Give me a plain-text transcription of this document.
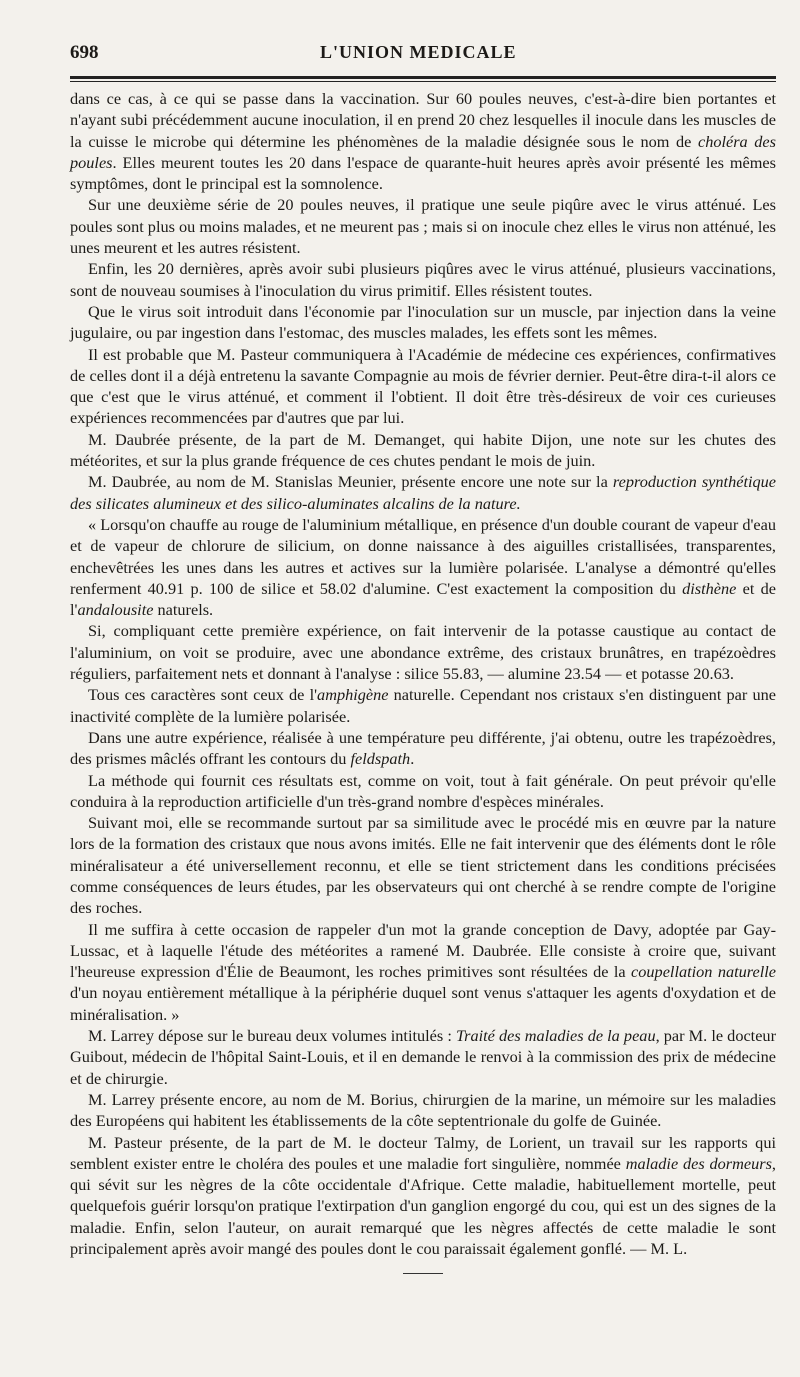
698	L'UNION MEDICALE

dans ce cas, à ce qui se passe dans la vaccination. Sur 60 poules neuves, c'est-à-dire bien portantes et n'ayant subi précédemment aucune inoculation, il en prend 20 chez lesquelles il inocule dans les muscles de la cuisse le microbe qui détermine les phénomènes de la maladie désignée sous le nom de choléra des poules. Elles meurent toutes les 20 dans l'espace de quarante-huit heures après avoir présenté les mêmes symptômes, dont le principal est la somnolence.

Sur une deuxième série de 20 poules neuves, il pratique une seule piqûre avec le virus atténué. Les poules sont plus ou moins malades, et ne meurent pas ; mais si on inocule chez elles le virus non atténué, les unes meurent et les autres résistent.

Enfin, les 20 dernières, après avoir subi plusieurs piqûres avec le virus atténué, plusieurs vaccinations, sont de nouveau soumises à l'inoculation du virus primitif. Elles résistent toutes.

Que le virus soit introduit dans l'économie par l'inoculation sur un muscle, par injection dans la veine jugulaire, ou par ingestion dans l'estomac, des muscles malades, les effets sont les mêmes.

Il est probable que M. Pasteur communiquera à l'Académie de médecine ces expériences, confirmatives de celles dont il a déjà entretenu la savante Compagnie au mois de février dernier. Peut-être dira-t-il alors ce que c'est que le virus atténué, et comment il l'obtient. Il doit être très-désireux de voir ces curieuses expériences recommencées par d'autres que par lui.

M. Daubrée présente, de la part de M. Demanget, qui habite Dijon, une note sur les chutes des météorites, et sur la plus grande fréquence de ces chutes pendant le mois de juin.

M. Daubrée, au nom de M. Stanislas Meunier, présente encore une note sur la reproduction synthétique des silicates alumineux et des silico-aluminates alcalins de la nature.

« Lorsqu'on chauffe au rouge de l'aluminium métallique, en présence d'un double courant de vapeur d'eau et de vapeur de chlorure de silicium, on donne naissance à des aiguilles cristallisées, transparentes, enchevêtrées les unes dans les autres et actives sur la lumière polarisée. L'analyse a démontré qu'elles renferment 40.91 p. 100 de silice et 58.02 d'alumine. C'est exactement la composition du disthène et de l'andalousite naturels.

Si, compliquant cette première expérience, on fait intervenir de la potasse caustique au contact de l'aluminium, on voit se produire, avec une abondance extrême, des cristaux brunâtres, en trapézoèdres réguliers, parfaitement nets et donnant à l'analyse : silice 55.83, — alumine 23.54 — et potasse 20.63.

Tous ces caractères sont ceux de l'amphigène naturelle. Cependant nos cristaux s'en distinguent par une inactivité complète de la lumière polarisée.

Dans une autre expérience, réalisée à une température peu différente, j'ai obtenu, outre les trapézoèdres, des prismes mâclés offrant les contours du feldspath.

La méthode qui fournit ces résultats est, comme on voit, tout à fait générale. On peut prévoir qu'elle conduira à la reproduction artificielle d'un très-grand nombre d'espèces minérales.

Suivant moi, elle se recommande surtout par sa similitude avec le procédé mis en œuvre par la nature lors de la formation des cristaux que nous avons imités. Elle ne fait intervenir que des éléments dont le rôle minéralisateur a été universellement reconnu, et elle se tient strictement dans les conditions précisées comme conséquences de leurs études, par les observateurs qui ont cherché à se rendre compte de l'origine des roches.

Il me suffira à cette occasion de rappeler d'un mot la grande conception de Davy, adoptée par Gay-Lussac, et à laquelle l'étude des météorites a ramené M. Daubrée. Elle consiste à croire que, suivant l'heureuse expression d'Élie de Beaumont, les roches primitives sont résultées de la coupellation naturelle d'un noyau entièrement métallique à la périphérie duquel sont venus s'attaquer les agents d'oxydation et de minéralisation. »

M. Larrey dépose sur le bureau deux volumes intitulés : Traité des maladies de la peau, par M. le docteur Guibout, médecin de l'hôpital Saint-Louis, et il en demande le renvoi à la commission des prix de médecine et de chirurgie.

M. Larrey présente encore, au nom de M. Borius, chirurgien de la marine, un mémoire sur les maladies des Européens qui habitent les établissements de la côte septentrionale du golfe de Guinée.

M. Pasteur présente, de la part de M. le docteur Talmy, de Lorient, un travail sur les rapports qui semblent exister entre le choléra des poules et une maladie fort singulière, nommée maladie des dormeurs, qui sévit sur les nègres de la côte occidentale d'Afrique. Cette maladie, habituellement mortelle, peut quelquefois guérir lorsqu'on pratique l'extirpation d'un ganglion engorgé du cou, qui est un des signes de la maladie. Enfin, selon l'auteur, on aurait remarqué que les nègres affectés de cette maladie le sont principalement après avoir mangé des poules dont le cou paraissait également gonflé. — M. L.
